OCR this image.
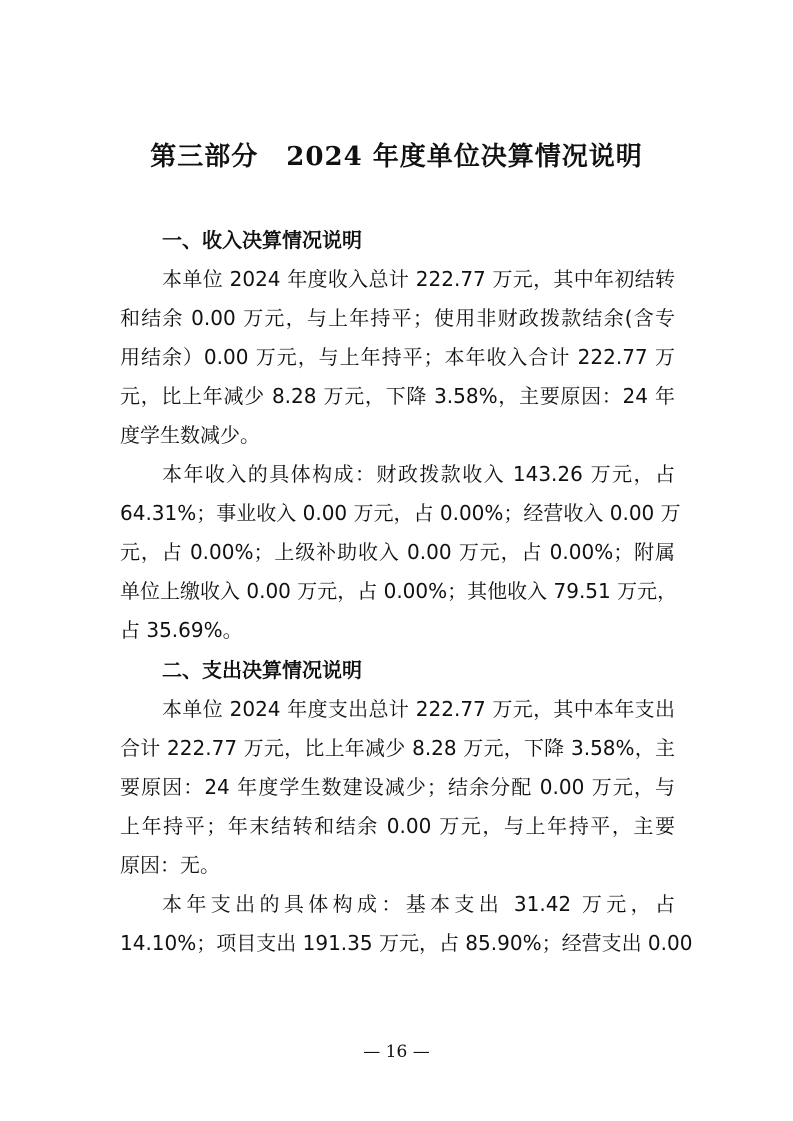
第三部分 2024 年度单位决算情况说明
一、收入决算情况说明
本单位 2024 年度收入总计 222.77 万元，其中年初结转
和结余 0.00 万元，与上年持平；使用非财政拨款结余(含专
用结余）0.00 万元，与上年持平；本年收入合计 222.77 万
元，比上年减少 8.28 万元，下降 3.58%，主要原因：24 年
度学生数减少。
本年收入的具体构成：财政拨款收入 143.26 万元，占
64.31%；事业收入 0.00 万元，占 0.00%；经营收入 0.00 万
元，占 0.00%；上级补助收入 0.00 万元，占 0.00%；附属
单位上缴收入 0.00 万元，占 0.00%；其他收入 79.51 万元，
占 35.69%。
二、支出决算情况说明
本单位 2024 年度支出总计 222.77 万元，其中本年支出
合计 222.77 万元，比上年减少 8.28 万元，下降 3.58%，主
要原因：24 年度学生数建设减少；结余分配 0.00 万元，与
上年持平；年末结转和结余 0.00 万元，与上年持平，主要
原因：无。
本年支出的具体构成：基本支出 31.42 万元，占
14.10%；项目支出 191.35 万元，占 85.90%；经营支出 0.00
— 16 —
